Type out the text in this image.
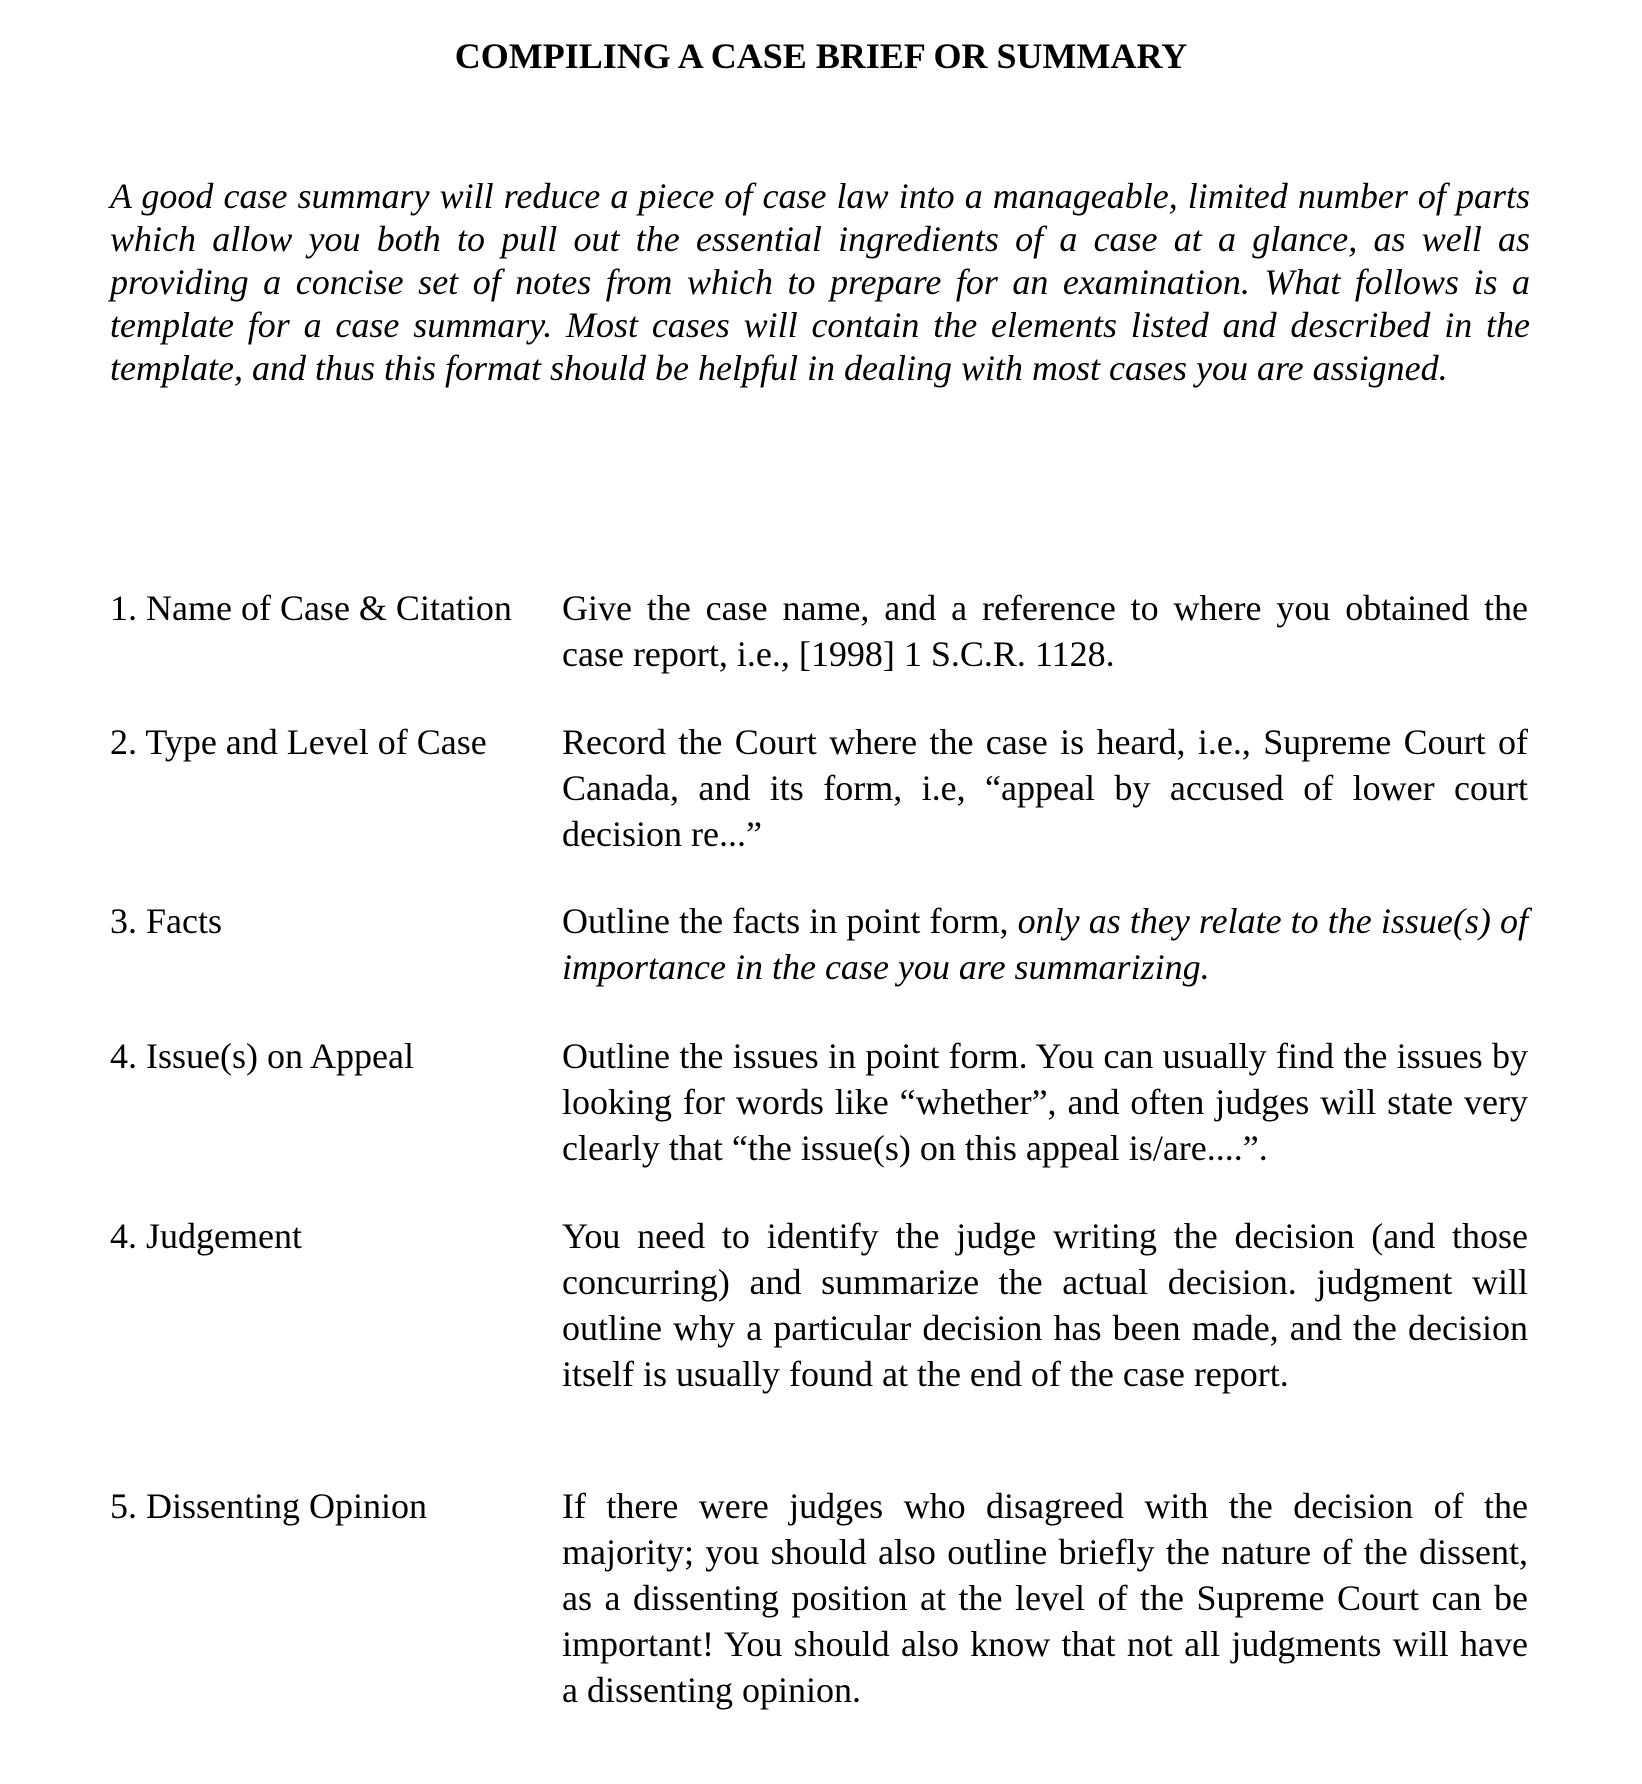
COMPILING A CASE BRIEF OR SUMMARY

A good case summary will reduce a piece of case law into a manageable, limited number of parts which allow you both to pull out the essential ingredients of a case at a glance, as well as providing a concise set of notes from which to prepare for an examination. What follows is a template for a case summary. Most cases will contain the elements listed and described in the template, and thus this format should be helpful in dealing with most cases you are assigned.

1. Name of Case & Citation	Give the case name, and a reference to where you obtained the case report, i.e., [1998] 1 S.C.R. 1128.

2. Type and Level of Case	Record the Court where the case is heard, i.e., Supreme Court of Canada, and its form, i.e, “appeal by accused of lower court decision re...”

3. Facts	Outline the facts in point form, only as they relate to the issue(s) of importance in the case you are summarizing.

4. Issue(s) on Appeal	Outline the issues in point form. You can usually find the issues by looking for words like “whether”, and often judges will state very clearly that “the issue(s) on this appeal is/are....”.

4. Judgement	You need to identify the judge writing the decision (and those concurring) and summarize the actual decision. judgment will outline why a particular decision has been made, and the decision itself is usually found at the end of the case report.

5. Dissenting Opinion	If there were judges who disagreed with the decision of the majority; you should also outline briefly the nature of the dissent, as a dissenting position at the level of the Supreme Court can be important! You should also know that not all judgments will have a dissenting opinion.
